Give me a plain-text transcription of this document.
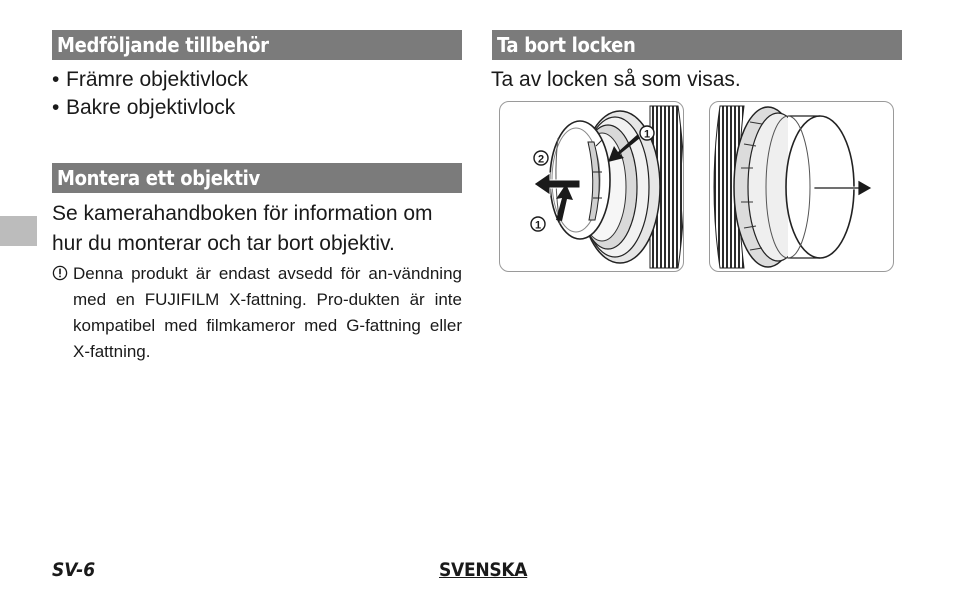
Medföljande tillbehör
• Främre objektivlock
• Bakre objektivlock
Montera ett objektiv

Se kamerahandboken för information om hur du monterar och tar bort objektiv.

Denna produkt är endast avsedd för an-vändning med en FUJIFILM X-fattning. Pro-dukten är inte kompatibel med filmkameror med G-fattning eller X-fattning.
Ta bort locken

Ta av locken så som visas.

1
2
1
SV-6	SVENSKA
